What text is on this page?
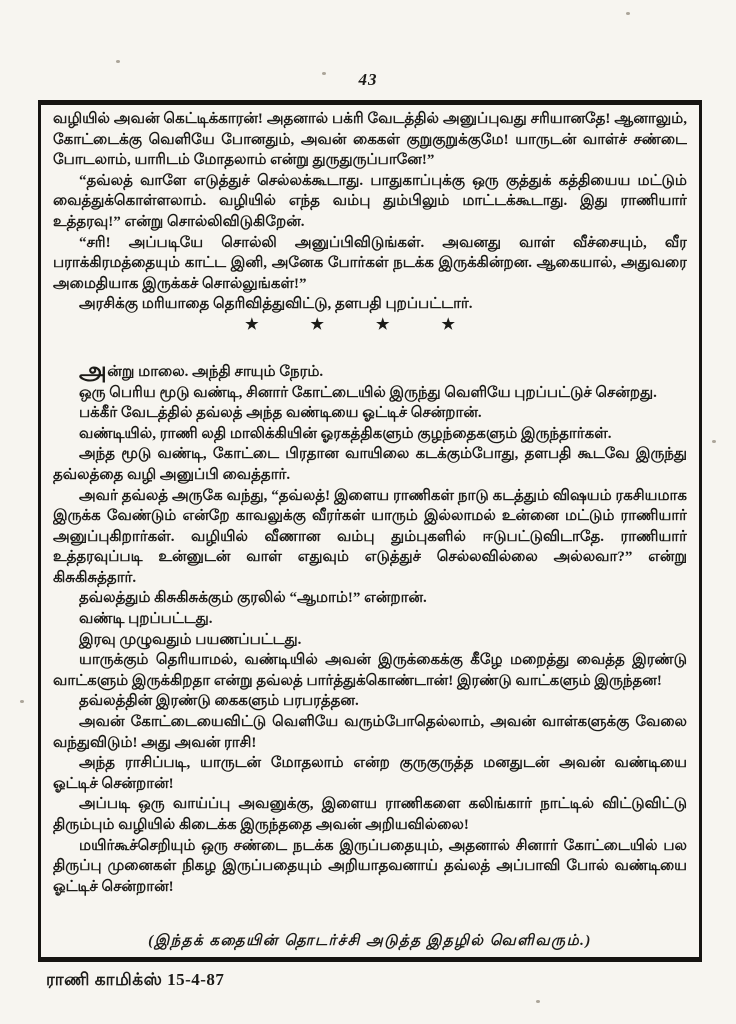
43

வழியில் அவன் கெட்டிக்காரன்! அதனால் பக்ரி வேடத்தில் அனுப்புவது சரியானதே! ஆனாலும், கோட்டைக்கு வெளியே போனதும், அவன் கைகள் குறுகுறுக்குமே! யாருடன் வாள்ச் சண்டை போடலாம், யாரிடம் மோதலாம் என்று துருதுருப்பானே!”

“தவ்லத் வாளே எடுத்துச் செல்லக்கூடாது. பாதுகாப்புக்கு ஒரு குத்துக் கத்தியைய மட்டும் வைத்துக்கொள்ளலாம். வழியில் எந்த வம்பு தும்பிலும் மாட்டக்கூடாது. இது ராணியார் உத்தரவு!” என்று சொல்லிவிடுகிறேன்.

“சரி! அப்படியே சொல்லி அனுப்பிவிடுங்கள். அவனது வாள் வீச்சையும், வீர பராக்கிரமத்தையும் காட்ட இனி, அனேக போர்கள் நடக்க இருக்கின்றன. ஆகையால், அதுவரை அமைதியாக இருக்கச் சொல்லுங்கள்!”

அரசிக்கு மரியாதை தெரிவித்துவிட்டு, தளபதி புறப்பட்டார்.

★	★	★	★

அன்று மாலை. அந்தி சாயும் நேரம்.

ஒரு பெரிய மூடு வண்டி, சினார் கோட்டையில் இருந்து வெளியே புறப்பட்டுச் சென்றது.

பக்கீர் வேடத்தில் தவ்லத் அந்த வண்டியை ஓட்டிச் சென்றான்.

வண்டியில், ராணி லதி மாலிக்கியின் ஓரகத்திகளும் குழந்தைகளும் இருந்தார்கள்.

அந்த மூடு வண்டி, கோட்டை பிரதான வாயிலை கடக்கும்போது, தளபதி கூடவே இருந்து தவ்லத்தை வழி அனுப்பி வைத்தார்.

அவர் தவ்லத் அருகே வந்து, “தவ்லத்! இளைய ராணிகள் நாடு கடத்தும் விஷயம் ரகசியமாக இருக்க வேண்டும் என்றே காவலுக்கு வீரர்கள் யாரும் இல்லாமல் உன்னை மட்டும் ராணியார் அனுப்புகிறார்கள். வழியில் வீணான வம்பு தும்புகளில் ஈடுபட்டுவிடாதே. ராணியார் உத்தரவுப்படி உன்னுடன் வாள் எதுவும் எடுத்துச் செல்லவில்லை அல்லவா?” என்று கிசுகிசுத்தார்.

தவ்லத்தும் கிசுகிசுக்கும் குரலில் “ஆமாம்!” என்றான்.

வண்டி புறப்பட்டது.

இரவு முழுவதும் பயணப்பட்டது.

யாருக்கும் தெரியாமல், வண்டியில் அவன் இருக்கைக்கு கீழே மறைத்து வைத்த இரண்டு வாட்களும் இருக்கிறதா என்று தவ்லத் பார்த்துக்கொண்டான்! இரண்டு வாட்களும் இருந்தன!

தவ்லத்தின் இரண்டு கைகளும் பரபரத்தன.

அவன் கோட்டையைவிட்டு வெளியே வரும்போதெல்லாம், அவன் வாள்களுக்கு வேலை வந்துவிடும்! அது அவன் ராசி!

அந்த ராசிப்படி, யாருடன் மோதலாம் என்ற குருகுருத்த மனதுடன் அவன் வண்டியை ஓட்டிச் சென்றான்!

அப்படி ஒரு வாய்ப்பு அவனுக்கு, இளைய ராணிகளை கலிங்கார் நாட்டில் விட்டுவிட்டு திரும்பும் வழியில் கிடைக்க இருந்ததை அவன் அறியவில்லை!

மயிர்கூச்செறியும் ஒரு சண்டை நடக்க இருப்பதையும், அதனால் சினார் கோட்டையில் பல திருப்பு முனைகள் நிகழ இருப்பதையும் அறியாதவனாய் தவ்லத் அப்பாவி போல் வண்டியை ஓட்டிச் சென்றான்!

(இந்தக் கதையின் தொடர்ச்சி அடுத்த இதழில் வெளிவரும்.)
ராணி காமிக்ஸ் 15-4-87
